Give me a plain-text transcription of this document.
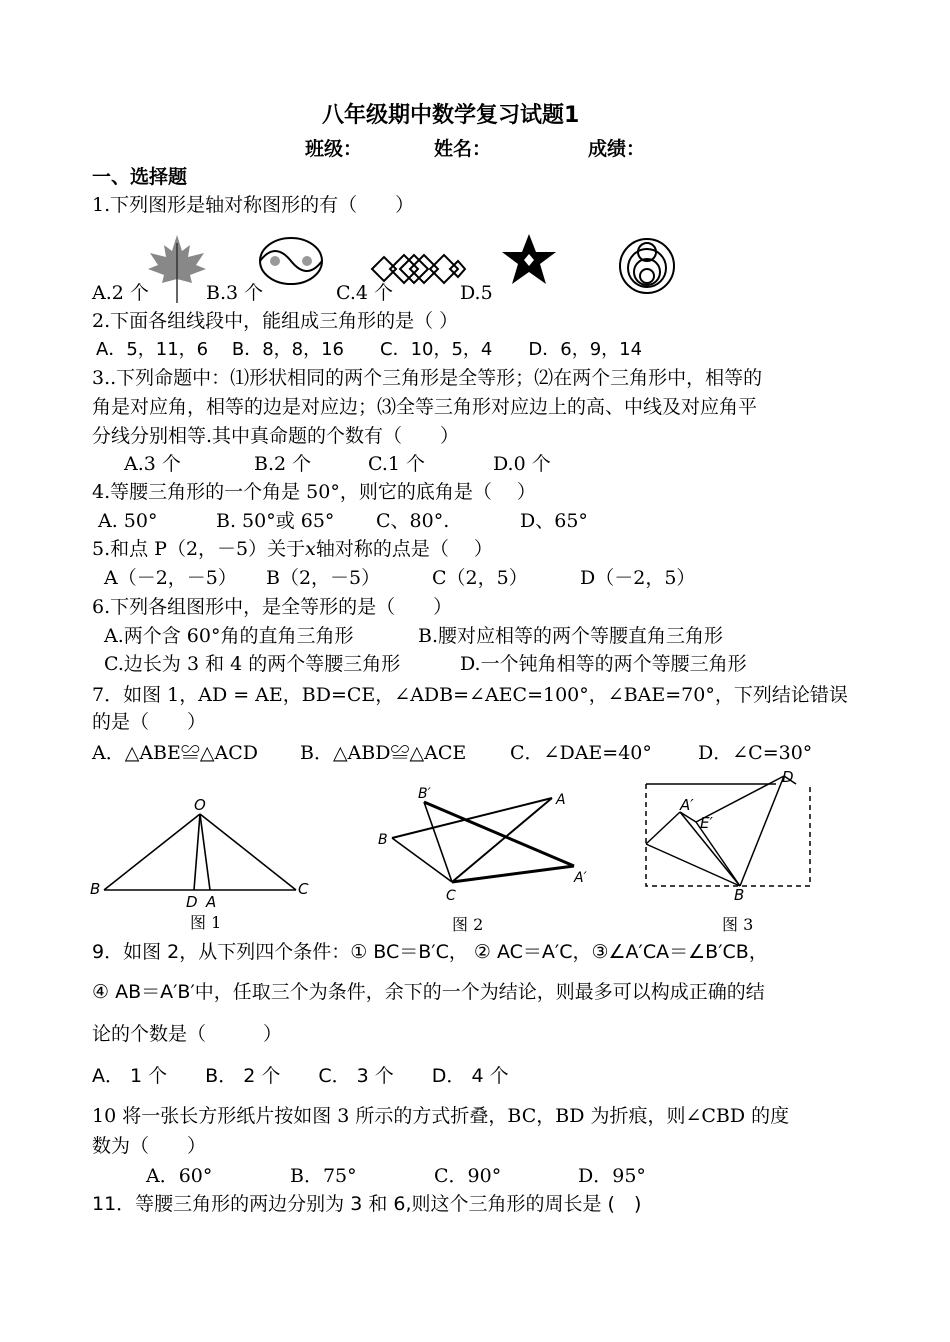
八年级期中数学复习试题1
班级：	姓名：	成绩：
一、选择题
1.下列图形是轴对称图形的有（　　）
A.2 个	B.3 个	C.4 个	D.5
2.下面各组线段中，能组成三角形的是（ ）
A．5，11，6　 B．8，8，16　　C．10，5，4　　D．6，9，14
3..下列命题中：⑴形状相同的两个三角形是全等形；⑵在两个三角形中，相等的
角是对应角，相等的边是对应边；⑶全等三角形对应边上的高、中线及对应角平
分线分别相等.其中真命题的个数有（　　）
A.3 个	B.2 个	C.1 个	D.0 个
4.等腰三角形的一个角是 50°，则它的底角是（　 ）
A. 50°	B. 50°或 65° C、80°.	D、65°
5.和点 P（2，－5）关于x轴对称的点是（　 ）
A（－2，－5） B（2，－5）	C（2，5）	D（－2，5）
6.下列各组图形中，是全等形的是（　　）
A.两个含 60°角的直角三角形	B.腰对应相等的两个等腰直角三角形
C.边长为 3 和 4 的两个等腰三角形	D.一个钝角相等的两个等腰三角形
7．如图 1，AD = AE，BD=CE，∠ADB=∠AEC=100°，∠BAE=70°，下列结论错误
的是（　　）
A．△ABE≌△ACD B．△ABD≌△ACE C．∠DAE=40° D．∠C=30°
O
B
D A
C
图 1
B′	A
B
C
A′
图 2
D
A′
E′
B
图 3
9．如图 2，从下列四个条件：① BC＝B′C， ② AC＝A′C，③∠A′CA＝∠B′CB，
④ AB＝A′B′中，任取三个为条件，余下的一个为结论，则最多可以构成正确的结
论的个数是（　　　）
A． 1 个　　B． 2 个　　C． 3 个　　D． 4 个
10 将一张长方形纸片按如图 3 所示的方式折叠，BC，BD 为折痕，则∠CBD 的度
数为（　　）
A．60°	B．75°	C．90°	D．95°
11．等腰三角形的两边分别为 3 和 6,则这个三角形的周长是 (　)
